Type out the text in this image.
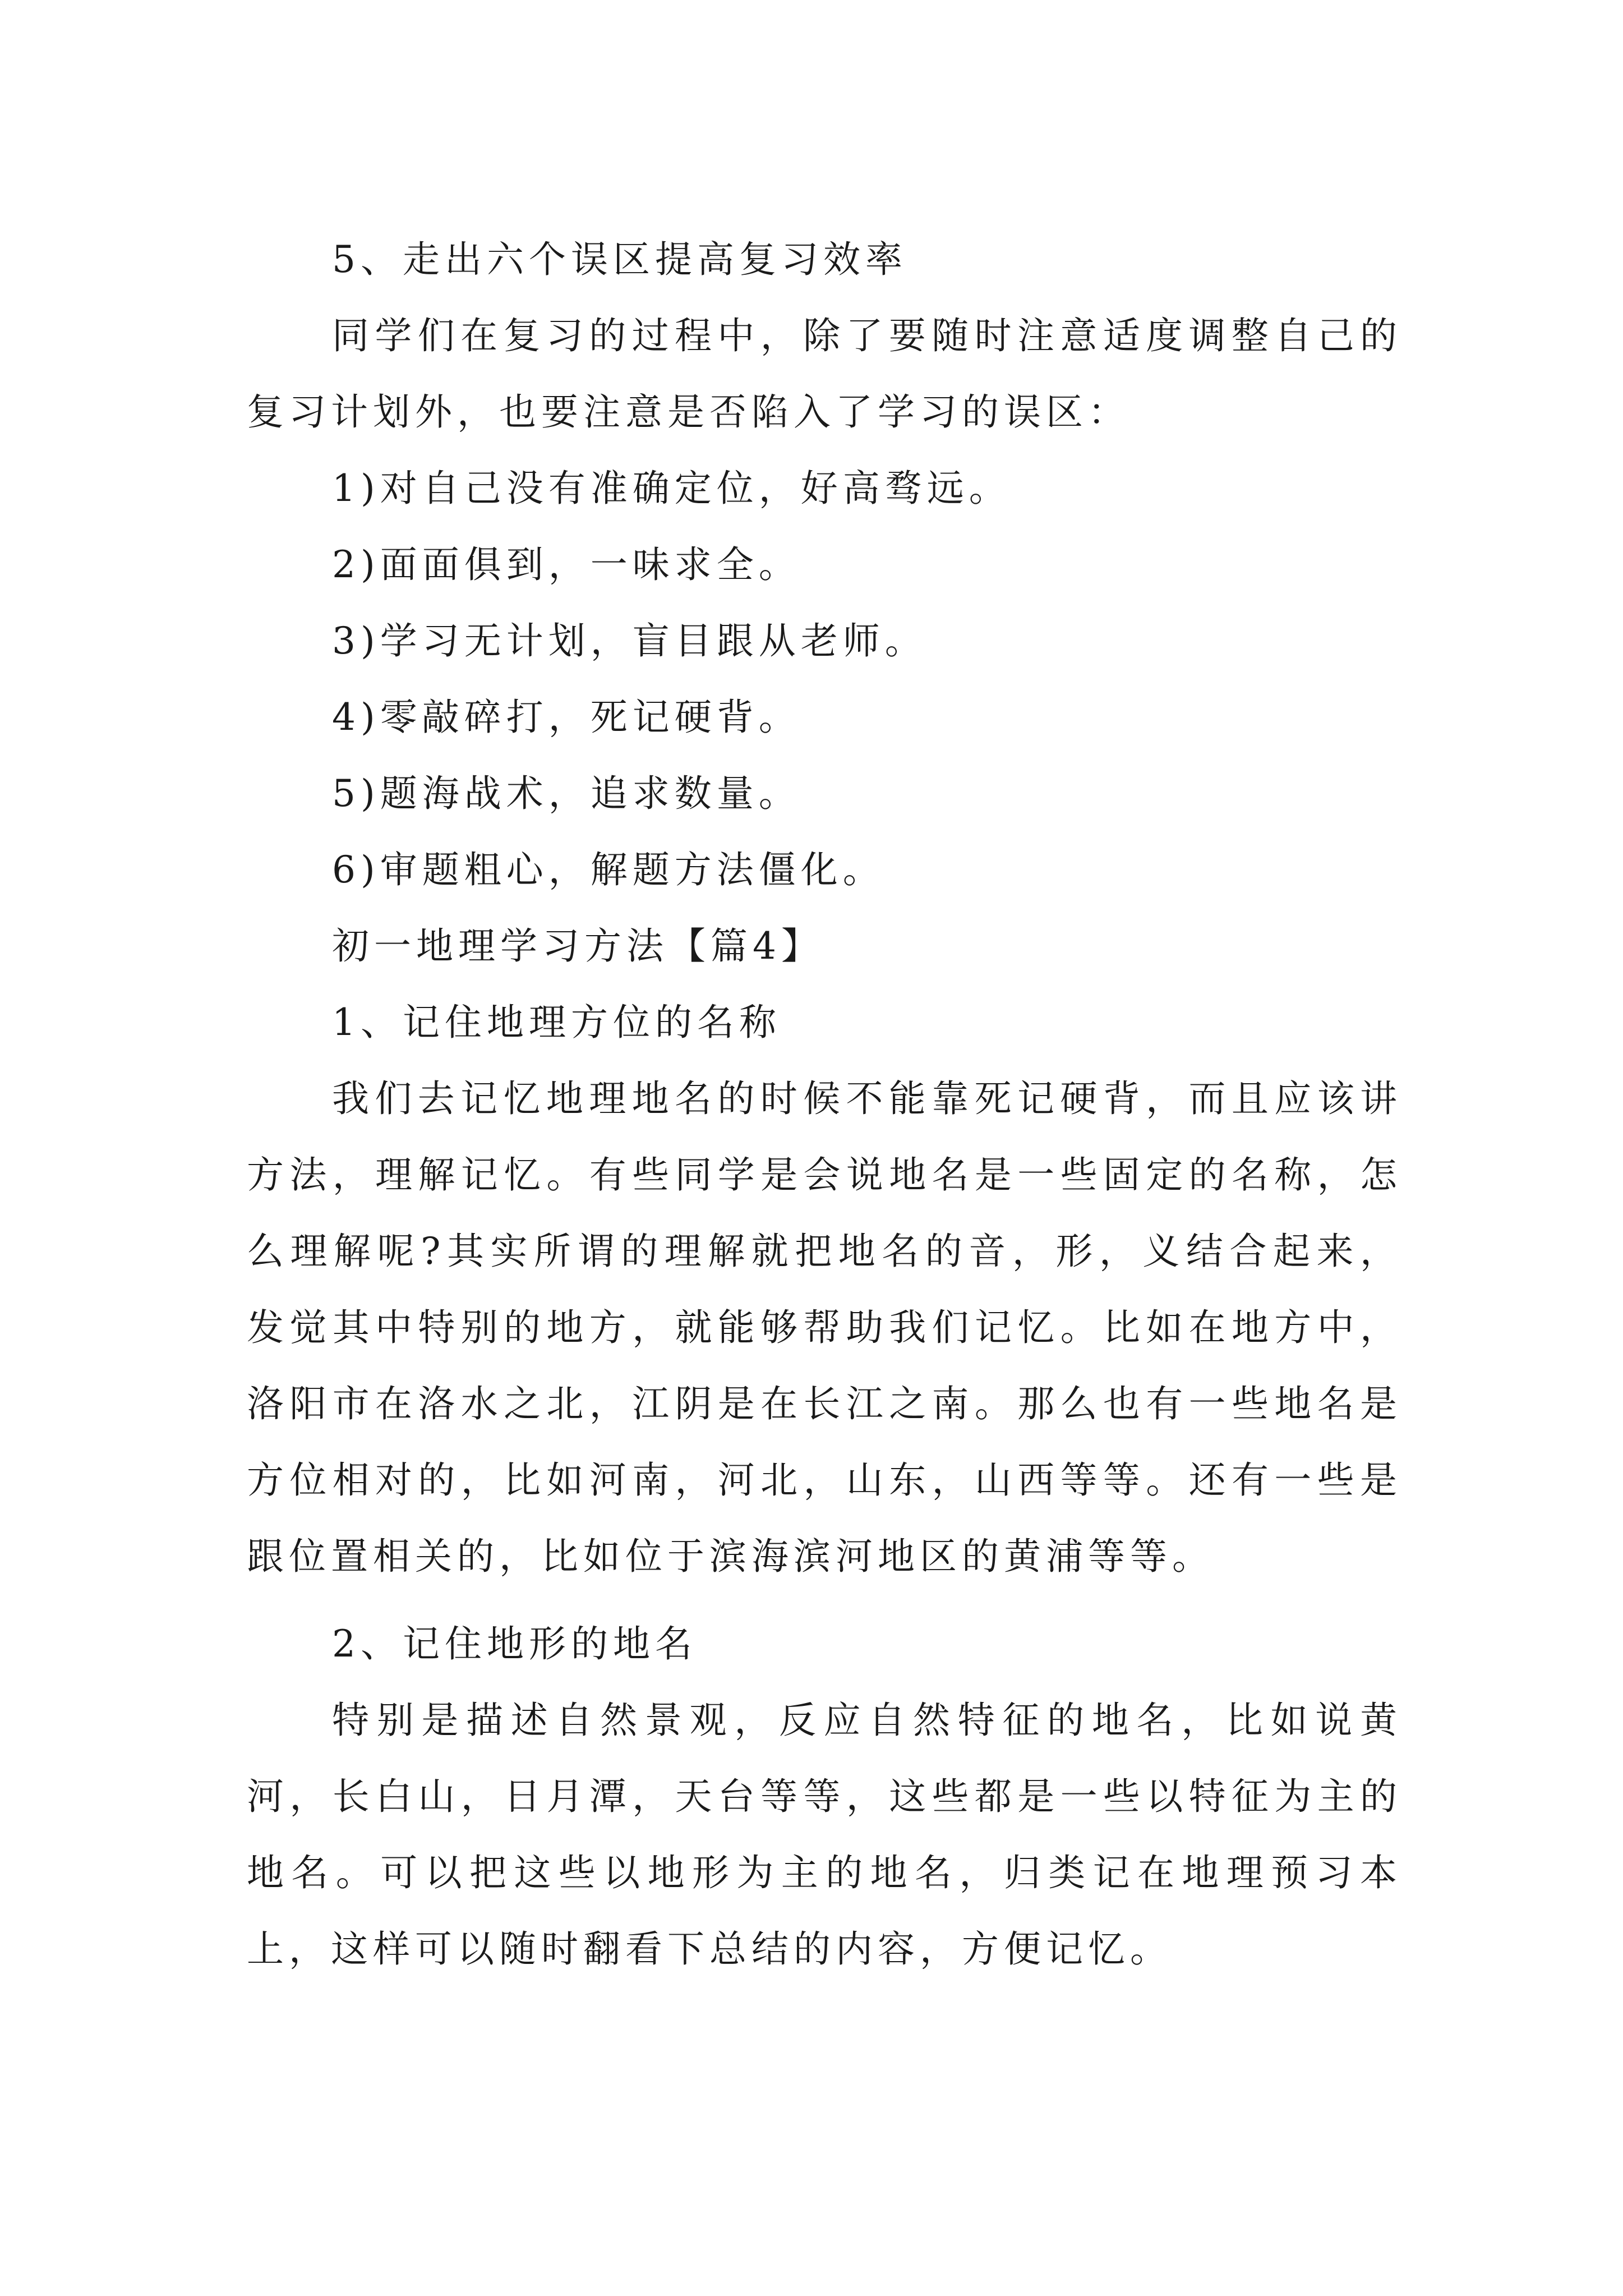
5、走出六个误区提高复习效率

同学们在复习的过程中，除了要随时注意适度调整自己的复习计划外，也要注意是否陷入了学习的误区：

1)对自己没有准确定位，好高骛远。

2)面面俱到，一味求全。

3)学习无计划，盲目跟从老师。

4)零敲碎打，死记硬背。

5)题海战术，追求数量。

6)审题粗心，解题方法僵化。

初一地理学习方法【篇4】

1、记住地理方位的名称

我们去记忆地理地名的时候不能靠死记硬背，而且应该讲方法，理解记忆。有些同学是会说地名是一些固定的名称，怎么理解呢?其实所谓的理解就把地名的音，形，义结合起来，发觉其中特别的地方，就能够帮助我们记忆。比如在地方中，洛阳市在洛水之北，江阴是在长江之南。那么也有一些地名是方位相对的，比如河南，河北，山东，山西等等。还有一些是跟位置相关的，比如位于滨海滨河地区的黄浦等等。

2、记住地形的地名

特别是描述自然景观，反应自然特征的地名，比如说黄河，长白山，日月潭，天台等等，这些都是一些以特征为主的地名。可以把这些以地形为主的地名，归类记在地理预习本上，这样可以随时翻看下总结的内容，方便记忆。
